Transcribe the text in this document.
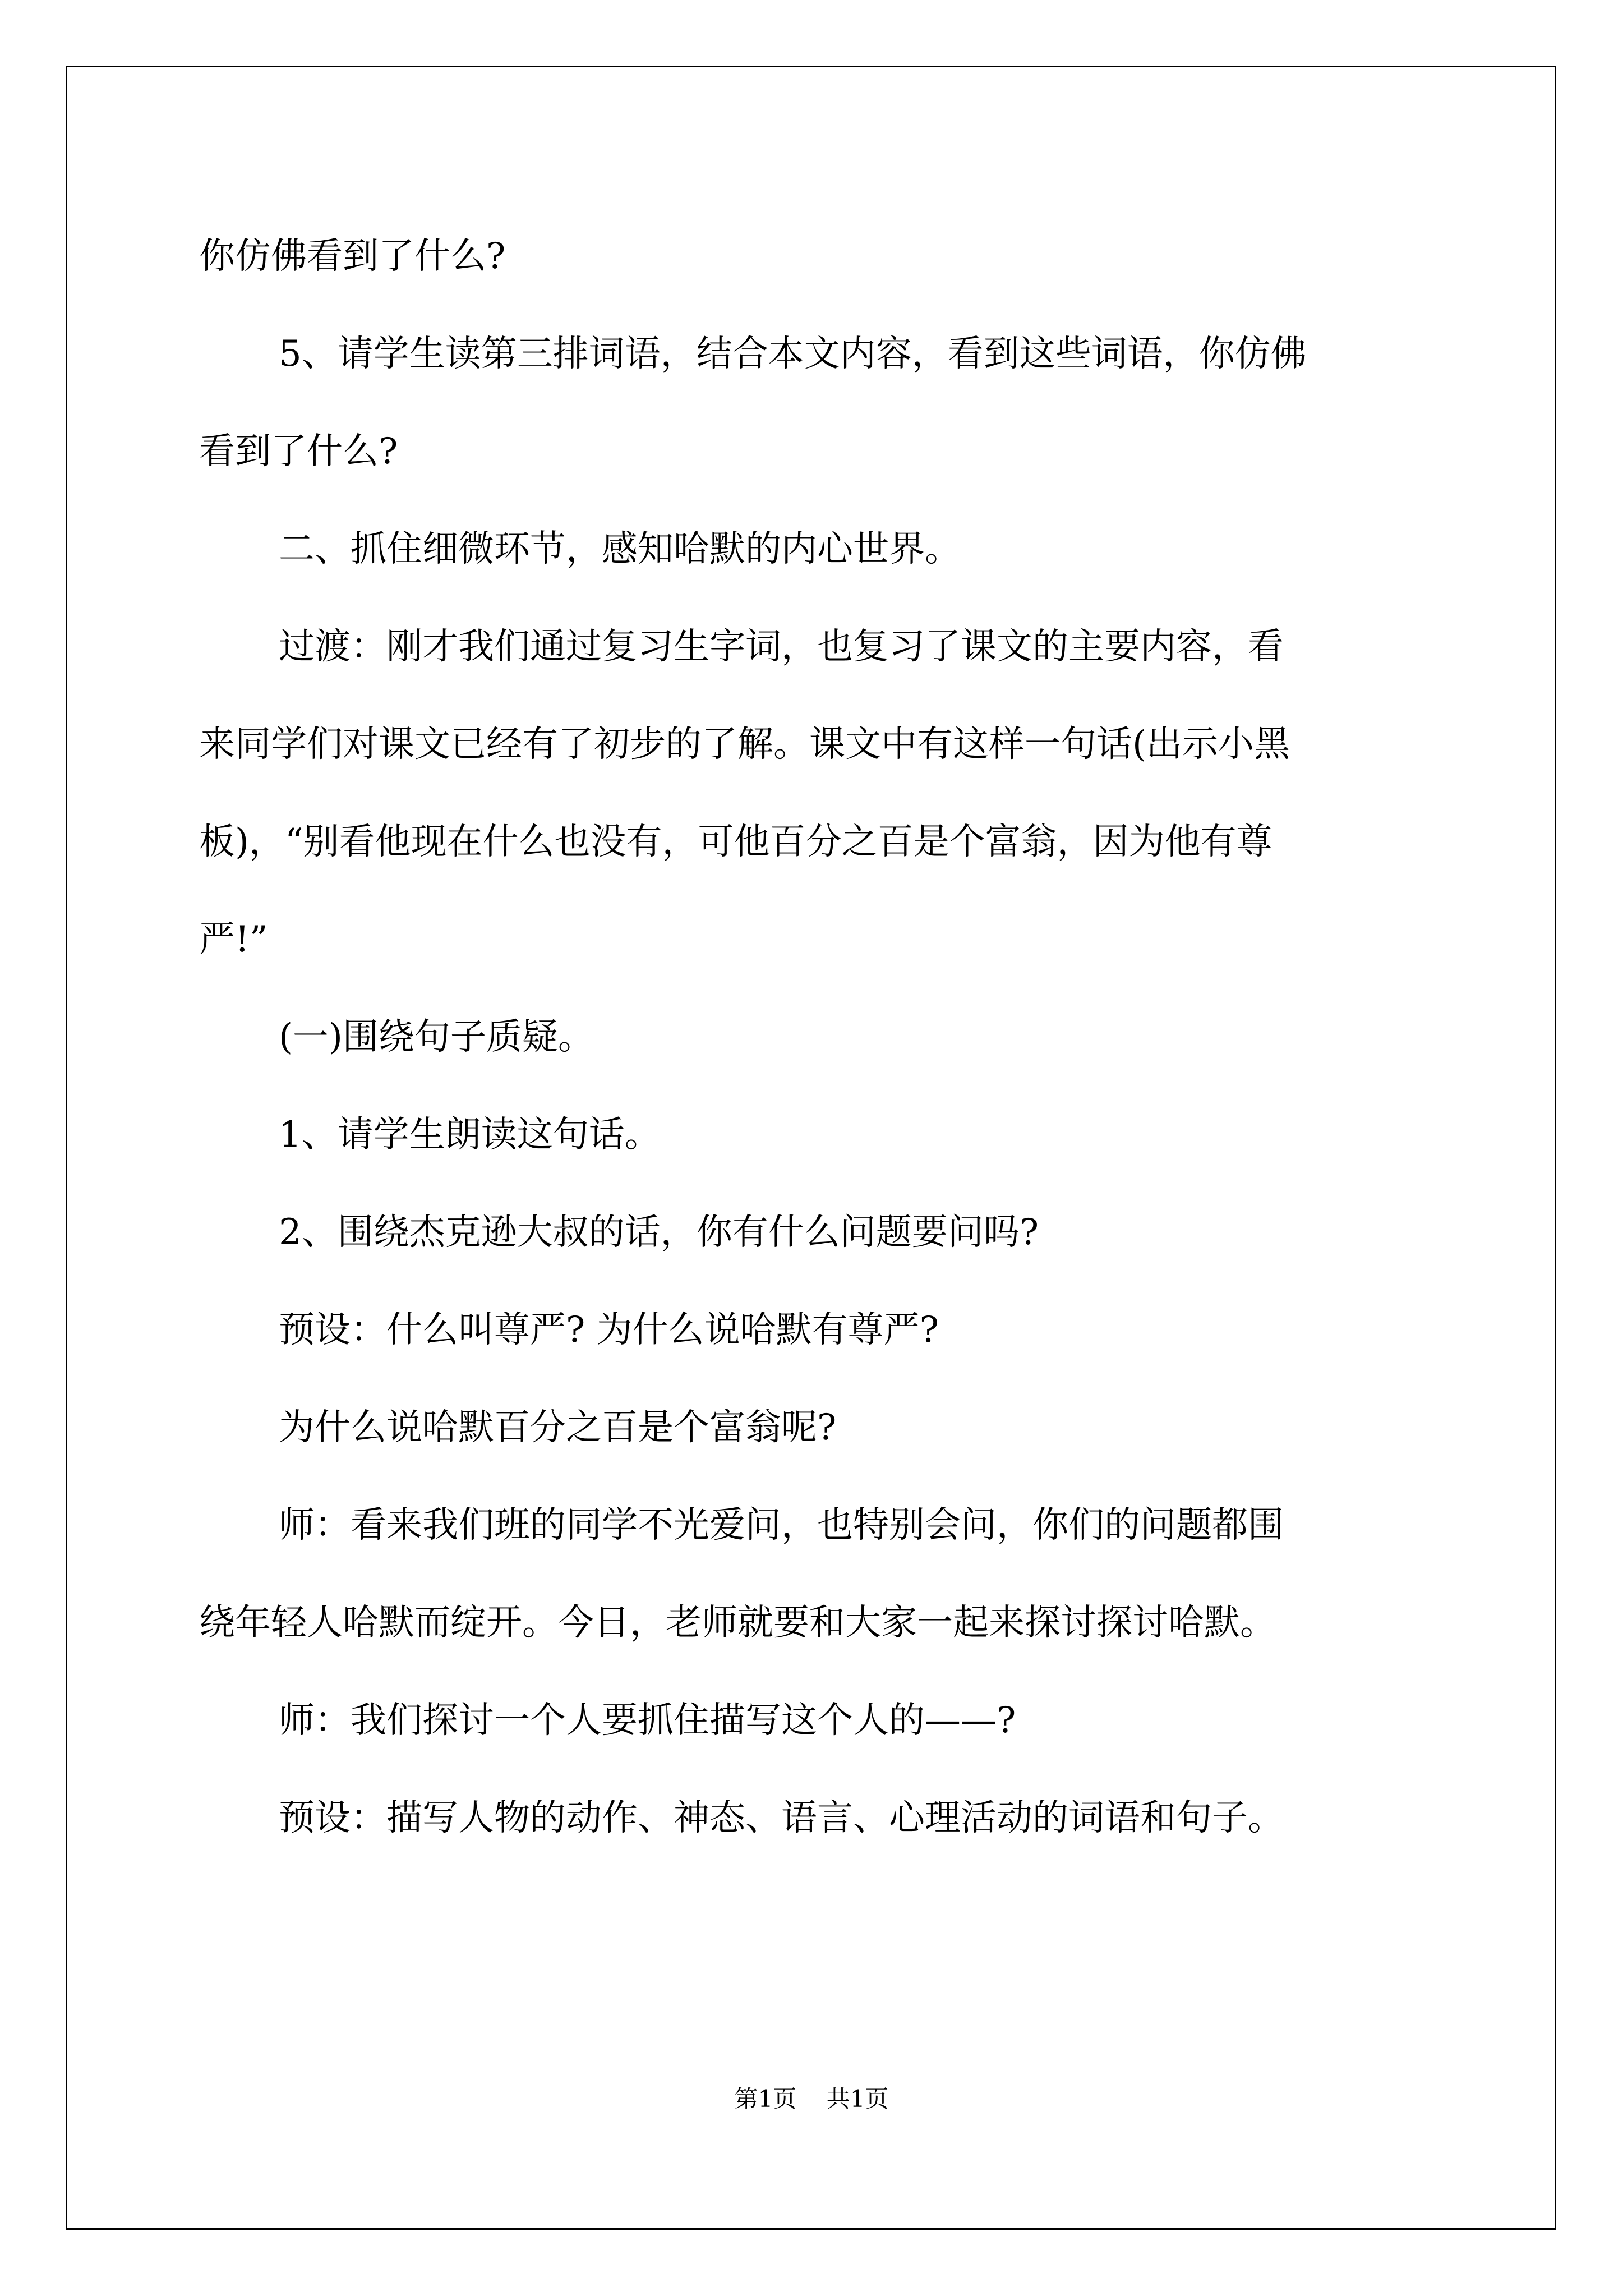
你仿佛看到了什么?

5、请学生读第三排词语，结合本文内容，看到这些词语，你仿佛

看到了什么?

二、抓住细微环节，感知哈默的内心世界。

过渡：刚才我们通过复习生字词，也复习了课文的主要内容，看

来同学们对课文已经有了初步的了解。课文中有这样一句话(出示小黑

板)，“别看他现在什么也没有，可他百分之百是个富翁，因为他有尊

严!”

(一)围绕句子质疑。

1、请学生朗读这句话。

2、围绕杰克逊大叔的话，你有什么问题要问吗?

预设：什么叫尊严? 为什么说哈默有尊严?

为什么说哈默百分之百是个富翁呢?

师：看来我们班的同学不光爱问，也特别会问，你们的问题都围

绕年轻人哈默而绽开。今日，老师就要和大家一起来探讨探讨哈默。

师：我们探讨一个人要抓住描写这个人的——?

预设：描写人物的动作、神态、语言、心理活动的词语和句子。

第1页 共1页
